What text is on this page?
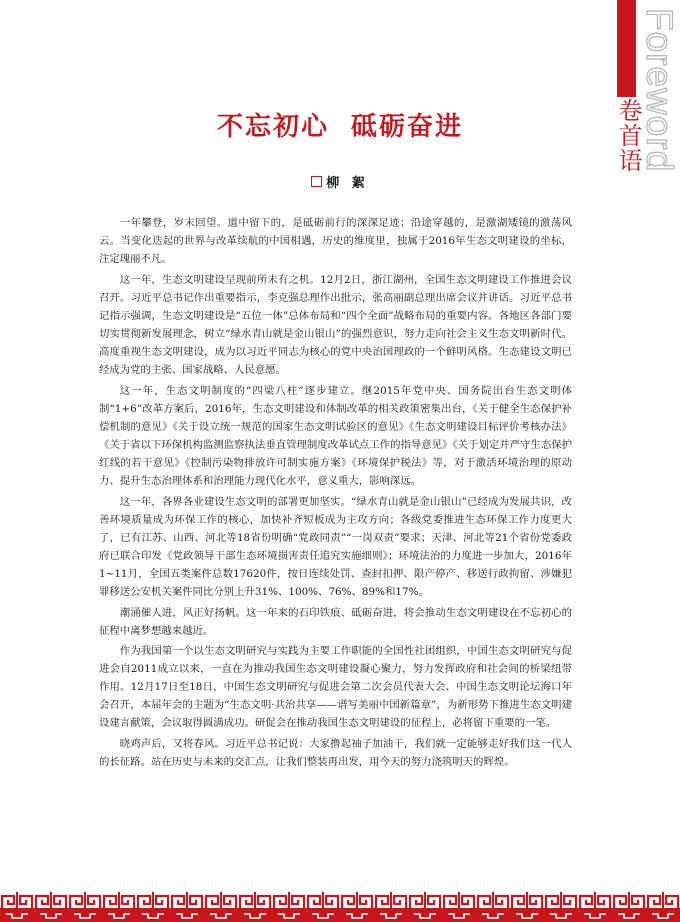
Foreword
卷首语
不忘初心  砥砺奋进
柳 絮

一年攀登，岁末回望。道中留下的，是砥砺前行的深深足迹；沿途穿越的，是激湖矮镜的激荡风云。当变化迭起的世界与改革续航的中国相遇，历史的维度里，独属于2016年生态文明建设的坐标，注定瑰丽不凡。

这一年，生态文明建设呈现前所未有之机。12月2日，浙江湖州，全国生态文明建设工作推进会议召开。习近平总书记作出重要指示，李克强总理作出批示，张高丽副总理出席会议并讲话。习近平总书记指示强调，生态文明建设是“五位一体”总体布局和“四个全面”战略布局的重要内容。各地区各部门要切实贯彻新发展理念，树立“绿水青山就是金山银山”的强烈意识，努力走向社会主义生态文明新时代。高度重视生态文明建设，成为以习近平同志为核心的党中央治国理政的一个鲜明风格。生态建设文明已经成为党的主张、国家战略、人民意愿。

这一年，生态文明制度的“四梁八柱”逐步建立。继2015年党中央、国务院出台生态文明体制“1+6”改革方案后，2016年，生态文明建设和体制改革的相关政策密集出台，《关于健全生态保护补偿机制的意见》《关于设立统一规范的国家生态文明试验区的意见》《生态文明建设目标评价考核办法》《关于省以下环保机构监测监察执法垂直管理制度改革试点工作的指导意见》《关于划定并严守生态保护红线的若干意见》《控制污染物排放许可制实施方案》《环境保护税法》等，对于激活环境治理的原动力、提升生态治理体系和治理能力现代化水平，意义重大，影响深远。

这一年，各界各业建设生态文明的部署更加坚实。“绿水青山就是金山银山”已经成为发展共识，改善环境质量成为环保工作的核心，加快补齐短板成为主攻方向；各级党委推进生态环保工作力度更大了，已有江苏、山西、河北等18省份明确“党政同责”“一岗双责”要求；天津、河北等21个省份党委政府已联合印发《党政领导干部生态环境损害责任追究实施细则》；环境法治的力度进一步加大，2016年1~11月，全国五类案件总数17620件，按日连续处罚、查封扣押、限产停产、移送行政拘留、涉嫌犯罪移送公安机关案件同比分别上升31%、100%、76%、89%和17%。

潮涌催人进，风正好扬帆。这一年来的石印铁痕、砥砺奋进，将会推动生态文明建设在不忘初心的征程中离梦想越来越近。

作为我国第一个以生态文明研究与实践为主要工作职能的全国性社团组织，中国生态文明研究与促进会自2011成立以来，一直在为推动我国生态文明建设凝心聚力，努力发挥政府和社会间的桥梁纽带作用。12月17日至18日，中国生态文明研究与促进会第二次会员代表大会、中国生态文明论坛海口年会召开，本届年会的主题为“生态文明·共治共享——谱写美丽中国新篇章”，为新形势下推进生态文明建设建言献策，会议取得圆满成功。研促会在推动我国生态文明建设的征程上，必将留下重要的一笔。

晓鸡声后，又将春风。习近平总书记说：大家撸起袖子加油干，我们就一定能够走好我们这一代人的长征路。站在历史与未来的交汇点，让我们整装再出发，用今天的努力浇筑明天的辉煌。
